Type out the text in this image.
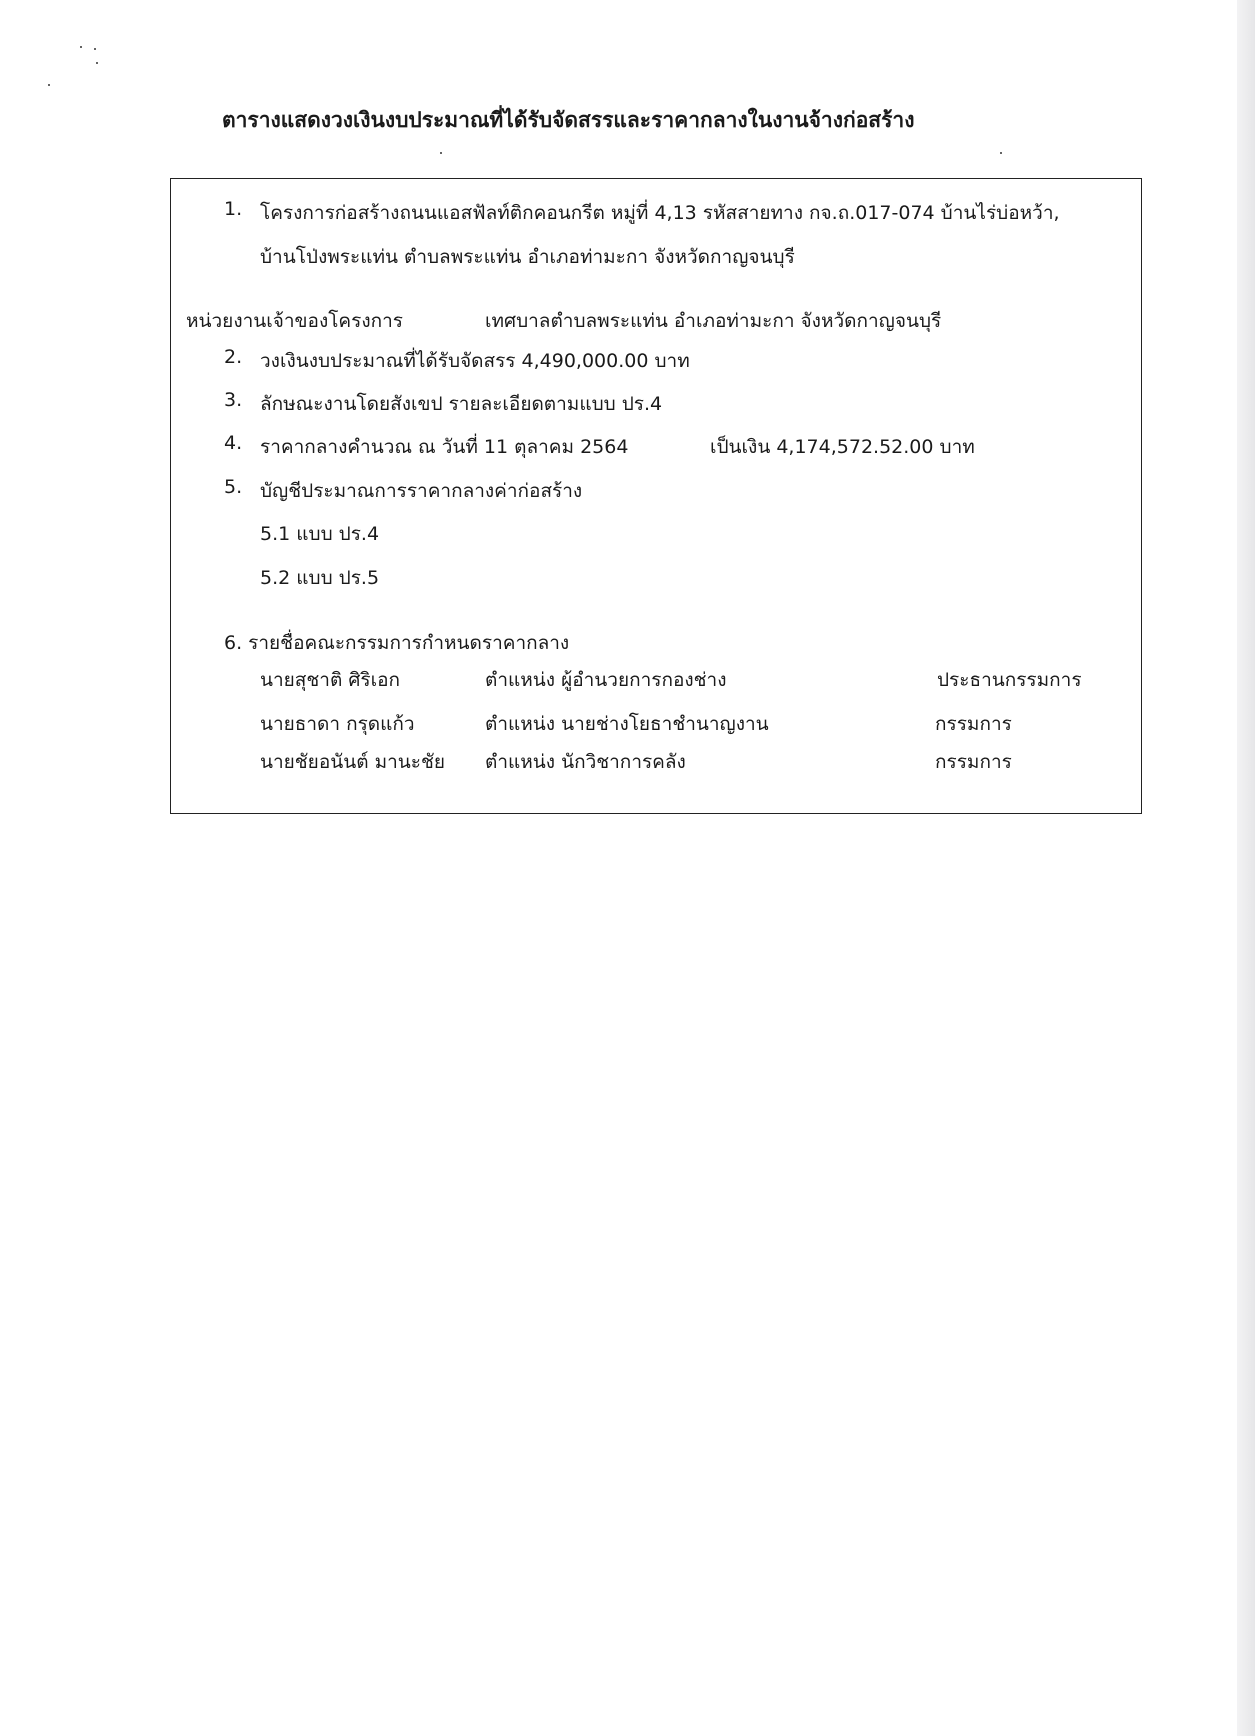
ตารางแสดงวงเงินงบประมาณที่ได้รับจัดสรรและราคากลางในงานจ้างก่อสร้าง
1. โครงการก่อสร้างถนนแอสฟัลท์ติกคอนกรีต หมู่ที่ 4,13 รหัสสายทาง กจ.ถ.017-074 บ้านไร่บ่อหว้า,
บ้านโป่งพระแท่น ตำบลพระแท่น อำเภอท่ามะกา จังหวัดกาญจนบุรี
หน่วยงานเจ้าของโครงการ	เทศบาลตำบลพระแท่น อำเภอท่ามะกา จังหวัดกาญจนบุรี
2. วงเงินงบประมาณที่ได้รับจัดสรร 4,490,000.00 บาท
3. ลักษณะงานโดยสังเขป รายละเอียดตามแบบ ปร.4
4. ราคากลางคำนวณ ณ วันที่ 11 ตุลาคม 2564	เป็นเงิน 4,174,572.52.00 บาท
5. บัญชีประมาณการราคากลางค่าก่อสร้าง
5.1 แบบ ปร.4
5.2 แบบ ปร.5
6. รายชื่อคณะกรรมการกำหนดราคากลาง
นายสุชาติ ศิริเอก	ตำแหน่ง ผู้อำนวยการกองช่าง	ประธานกรรมการ
นายธาดา กรุดแก้ว	ตำแหน่ง นายช่างโยธาชำนาญงาน	กรรมการ
นายชัยอนันต์ มานะชัย ตำแหน่ง นักวิชาการคลัง	กรรมการ
